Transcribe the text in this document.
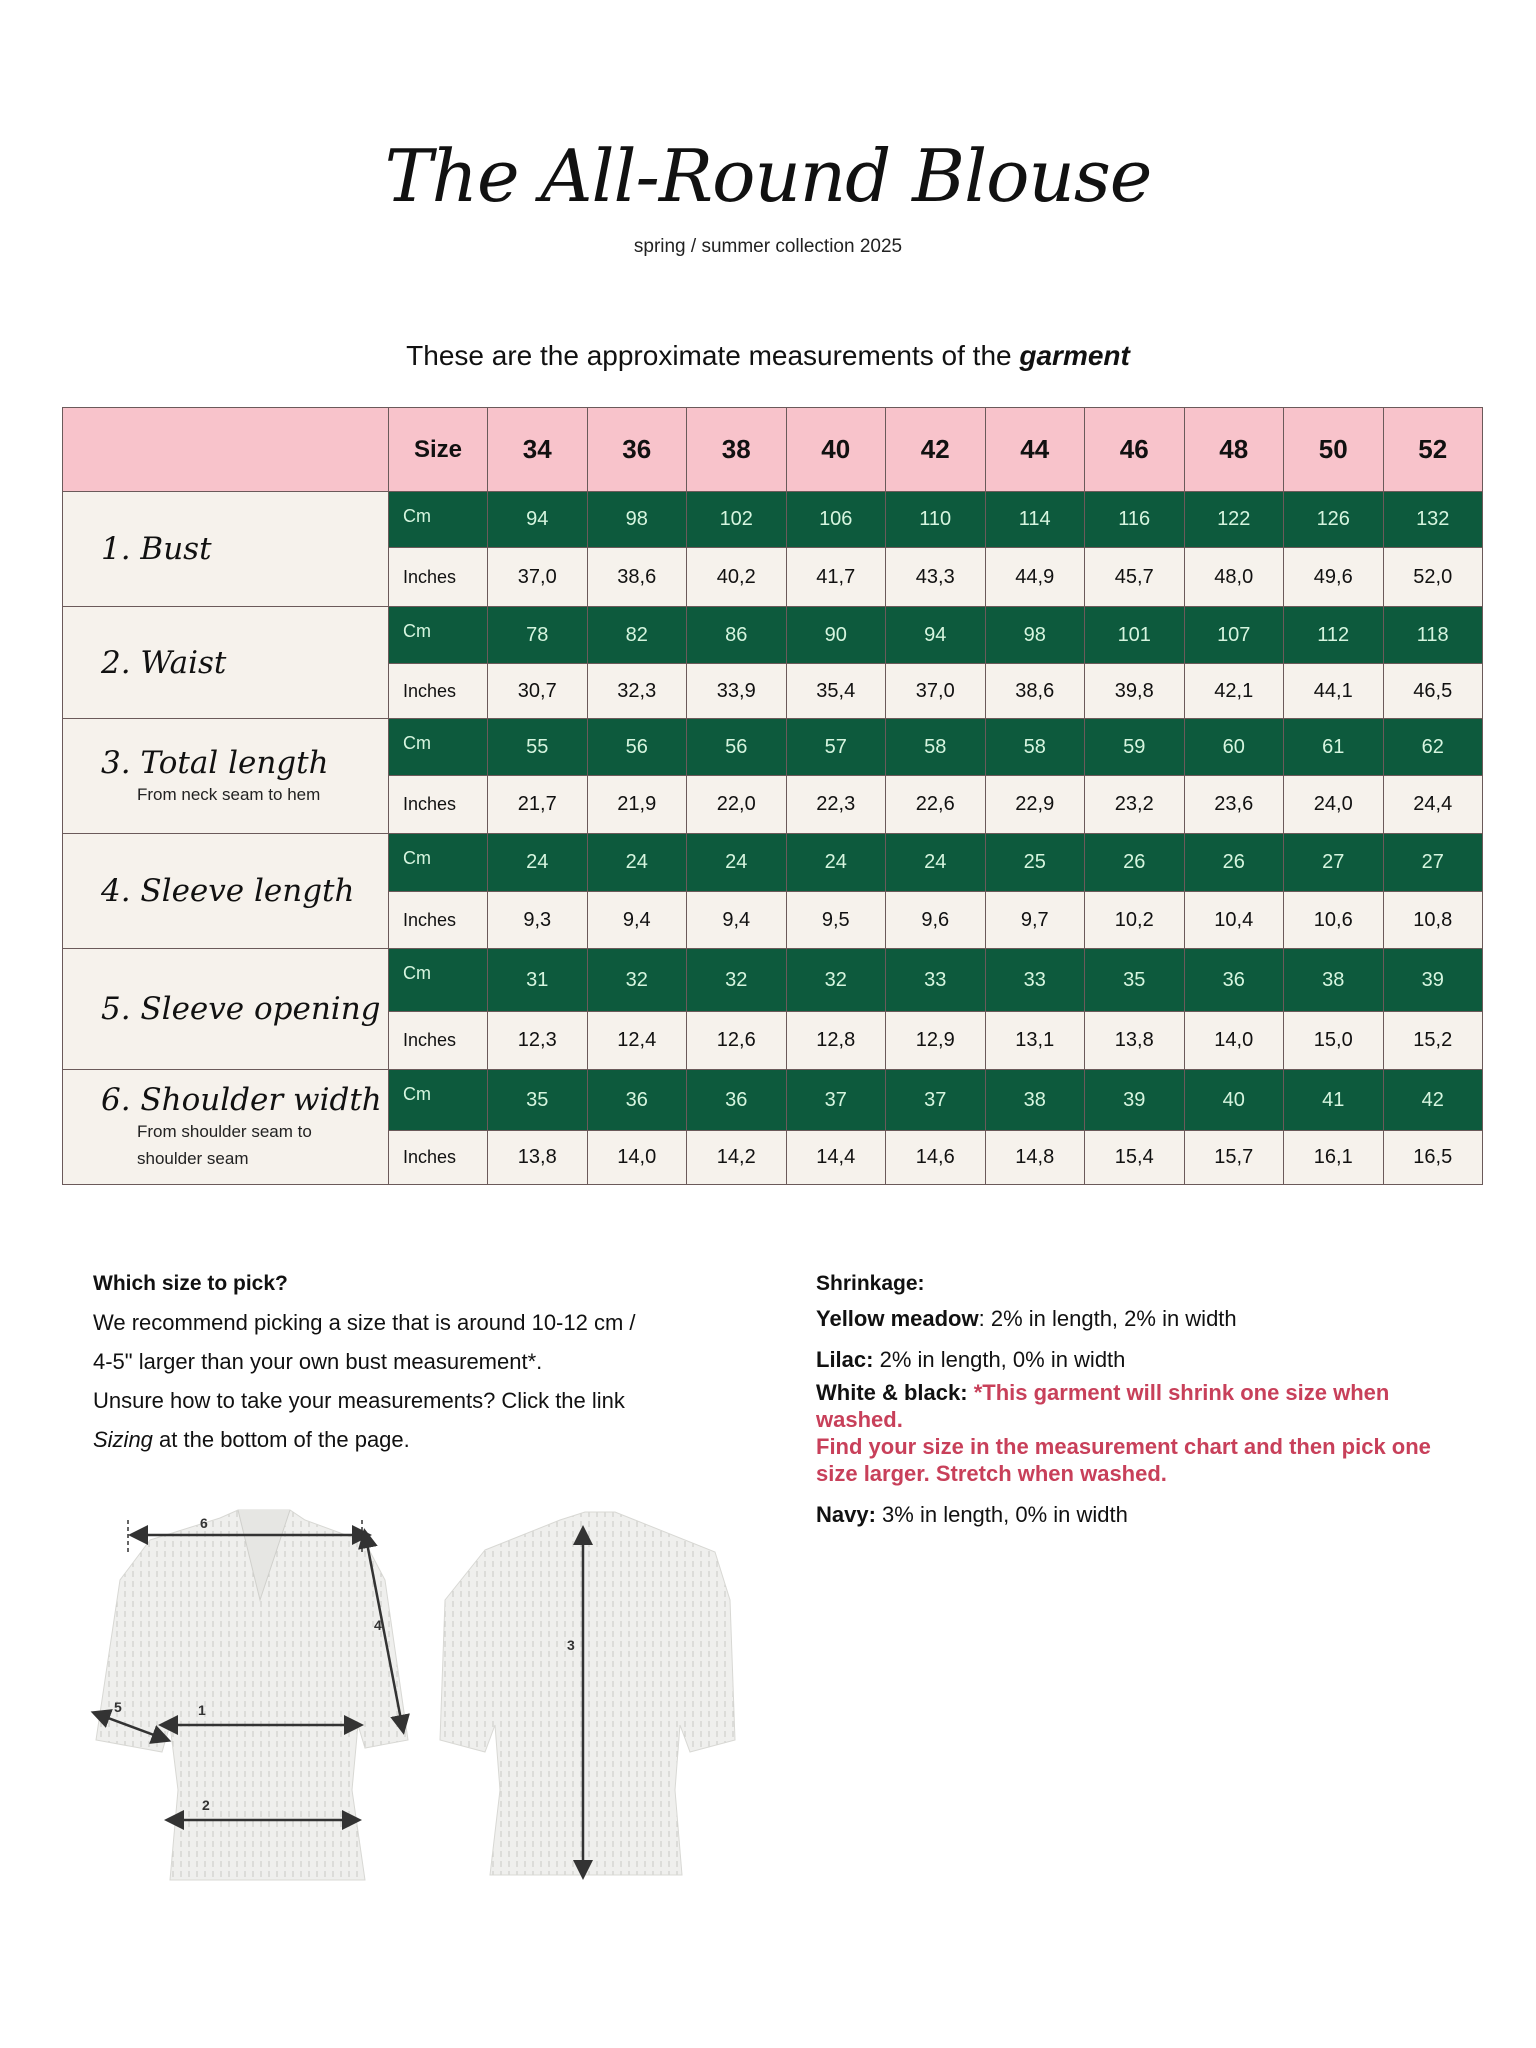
The All-Round Blouse
spring / summer collection 2025
These are the approximate measurements of the garment
	Size	34	36	38	40	42	44	46	48	50	52

1. Bust	Cm	94	98	102	106	110	114	116	122	126	132
	Inches	37,0	38,6	40,2	41,7	43,3	44,9	45,7	48,0	49,6	52,0

2. Waist	Cm	78	82	86	90	94	98	101	107	112	118
	Inches	30,7	32,3	33,9	35,4	37,0	38,6	39,8	42,1	44,1	46,5

3. Total length
From neck seam to hem	Cm	55	56	56	57	58	58	59	60	61	62
	Inches	21,7	21,9	22,0	22,3	22,6	22,9	23,2	23,6	24,0	24,4

4. Sleeve length	Cm	24	24	24	24	24	25	26	26	27	27
	Inches	9,3	9,4	9,4	9,5	9,6	9,7	10,2	10,4	10,6	10,8

5. Sleeve opening	Cm	31	32	32	32	33	33	35	36	38	39
	Inches	12,3	12,4	12,6	12,8	12,9	13,1	13,8	14,0	15,0	15,2

6. Shoulder width
From shoulder seam to shoulder seam	Cm	35	36	36	37	37	38	39	40	41	42
	Inches	13,8	14,0	14,2	14,4	14,6	14,8	15,4	15,7	16,1	16,5
Which size to pick?
We recommend picking a size that is around 10-12 cm /
4-5" larger than your own bust measurement*.
Unsure how to take your measurements? Click the link
Sizing at the bottom of the page.
Shrinkage:
Yellow meadow: 2% in length, 2% in width
Lilac: 2% in length, 0% in width
White & black: *This garment will shrink one size when washed.
Find your size in the measurement chart and then pick one size larger. Stretch when washed.
Navy: 3% in length, 0% in width
6
4
5	1
2
3
